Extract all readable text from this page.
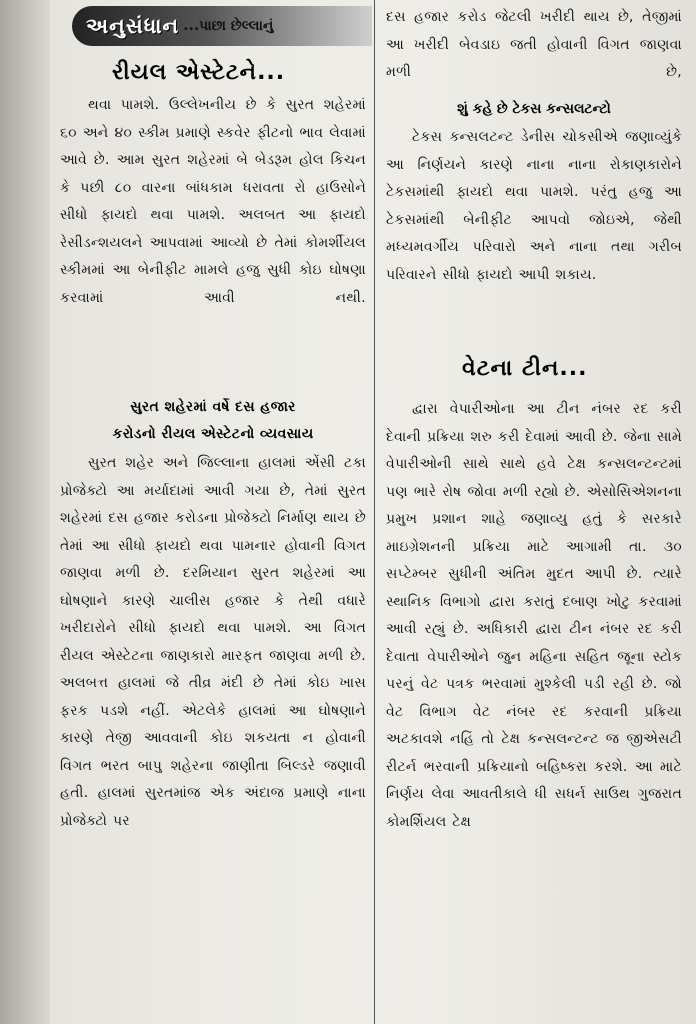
અનુસંધાન ...પાછા છેલ્લાનું
રીયલ એસ્ટેટને...
થવા પામશે. ઉલ્લેખનીય છે કે સુરત શહેરમાં ૬૦ અને ૪૦ સ્કીમ પ્રમાણે સ્કવેર ફીટનો ભાવ લેવામાં આવે છે. આમ સુરત શહેરમાં બે બેડરૂમ હોલ કિચન કે પછી ૮૦ વારના બાંધકામ ધરાવતા રો હાઉસોને સીધો ફાયદો થવા પામશે. અલબત આ ફાયદો રેસીડન્શયલને આપવામાં આવ્યો છે તેમાં કોમર્શીયલ સ્કીમમાં આ બેનીફીટ મામલે હજુ સુધી કોઇ ઘોષણા કરવામાં આવી નથી.
સુરત શહેરમાં વર્ષે દસ હજાર
કરોડનો રીયલ એસ્ટેટનો વ્યવસાય
સુરત શહેર અને જિલ્લાના હાલમાં એંસી ટકા પ્રોજેક્ટો આ મર્યાદામાં આવી ગયા છે, તેમાં સુરત શહેરમાં દસ હજાર કરોડના પ્રોજેક્ટો નિર્માણ થાય છે તેમાં આ સીધો ફાયદો થવા પામનાર હોવાની વિગત જાણવા મળી છે. દરમિયાન સુરત શહેરમાં આ ઘોષણાને કારણે ચાલીસ હજાર કે તેથી વધારે ખરીદારોને સીધો ફાયદો થવા પામશે. આ વિગત રીયલ એસ્ટેટના જાણકારો મારફત જાણવા મળી છે. અલબત્ત હાલમાં જે તીવ્ર મંદી છે તેમાં કોઇ ખાસ ફરક પડશે નહીં. એટલેકે હાલમાં આ ઘોષણાને કારણે તેજી આવવાની કોઇ શકયતા ન હોવાની વિગત ભરત બાપુ શહેરના જાણીતા બિલ્ડરે જણાવી હતી. હાલમાં સુરતમાંજ એક અંદાજ પ્રમાણે નાના પ્રોજેક્ટો પર
દસ હજાર કરોડ જેટલી ખરીદી થાય છે, તેજીમાં આ ખરીદી બેવડાઇ જતી હોવાની વિગત જાણવા મળી છે,
શું કહે છે ટેકસ કન્સલટન્ટો
ટેકસ કન્સલટન્ટ ડેનીસ ચોકસીએ જણાવ્યુંકે આ નિર્ણયને કારણે નાના નાના રોકાણકારોને ટેકસમાંથી ફાયદો થવા પામશે. પરંતુ હજુ આ ટેકસમાંથી બેનીફીટ આપવો જોઇએ, જેથી મધ્યમવર્ગીય પરિવારો અને નાના તથા ગરીબ પરિવારને સીધો ફાયદો આપી શકાય.
વેટના ટીન...
દ્વારા વેપારીઓના આ ટીન નંબર રદ કરી દેવાની પ્રક્રિયા શરુ કરી દેવામાં આવી છે. જેના સામે વેપારીઓની સાથે સાથે હવે ટેક્ષ કન્સલન્ટન્ટમાં પણ ભારે રોષ જોવા મળી રહ્યો છે. એસોસિએશનના પ્રમુખ પ્રશાન શાહે જણાવ્યુ હતું કે સરકારે માઇગ્રેશનની પ્રક્રિયા માટે આગામી તા. ૩૦ સપ્ટેમ્બર સુધીની અંતિમ મુદત આપી છે. ત્યારે સ્થાનિક વિભાગો દ્વારા કરાતું દબાણ ખોટુ કરવામાં આવી રહ્યું છે. અધિકારી દ્વારા ટીન નંબર રદ કરી દેવાતા વેપારીઓને જુન મહિના સહિત જૂના સ્ટોક પરનું વેટ પત્રક ભરવામાં મુશ્કેલી પડી રહી છે. જો વેટ વિભાગ વેટ નંબર રદ કરવાની પ્રક્રિયા અટકાવશે નહિં તો ટેક્ષ કન્સલન્ટન્ટ જ જીએસટી રીટર્ન ભરવાની પ્રક્રિયાનો બહિષ્કરા કરશે. આ માટે નિર્ણય લેવા આવતીકાલે ધી સધર્ન સાઉથ ગુજરાત કોમર્શિયલ ટેક્ષ
